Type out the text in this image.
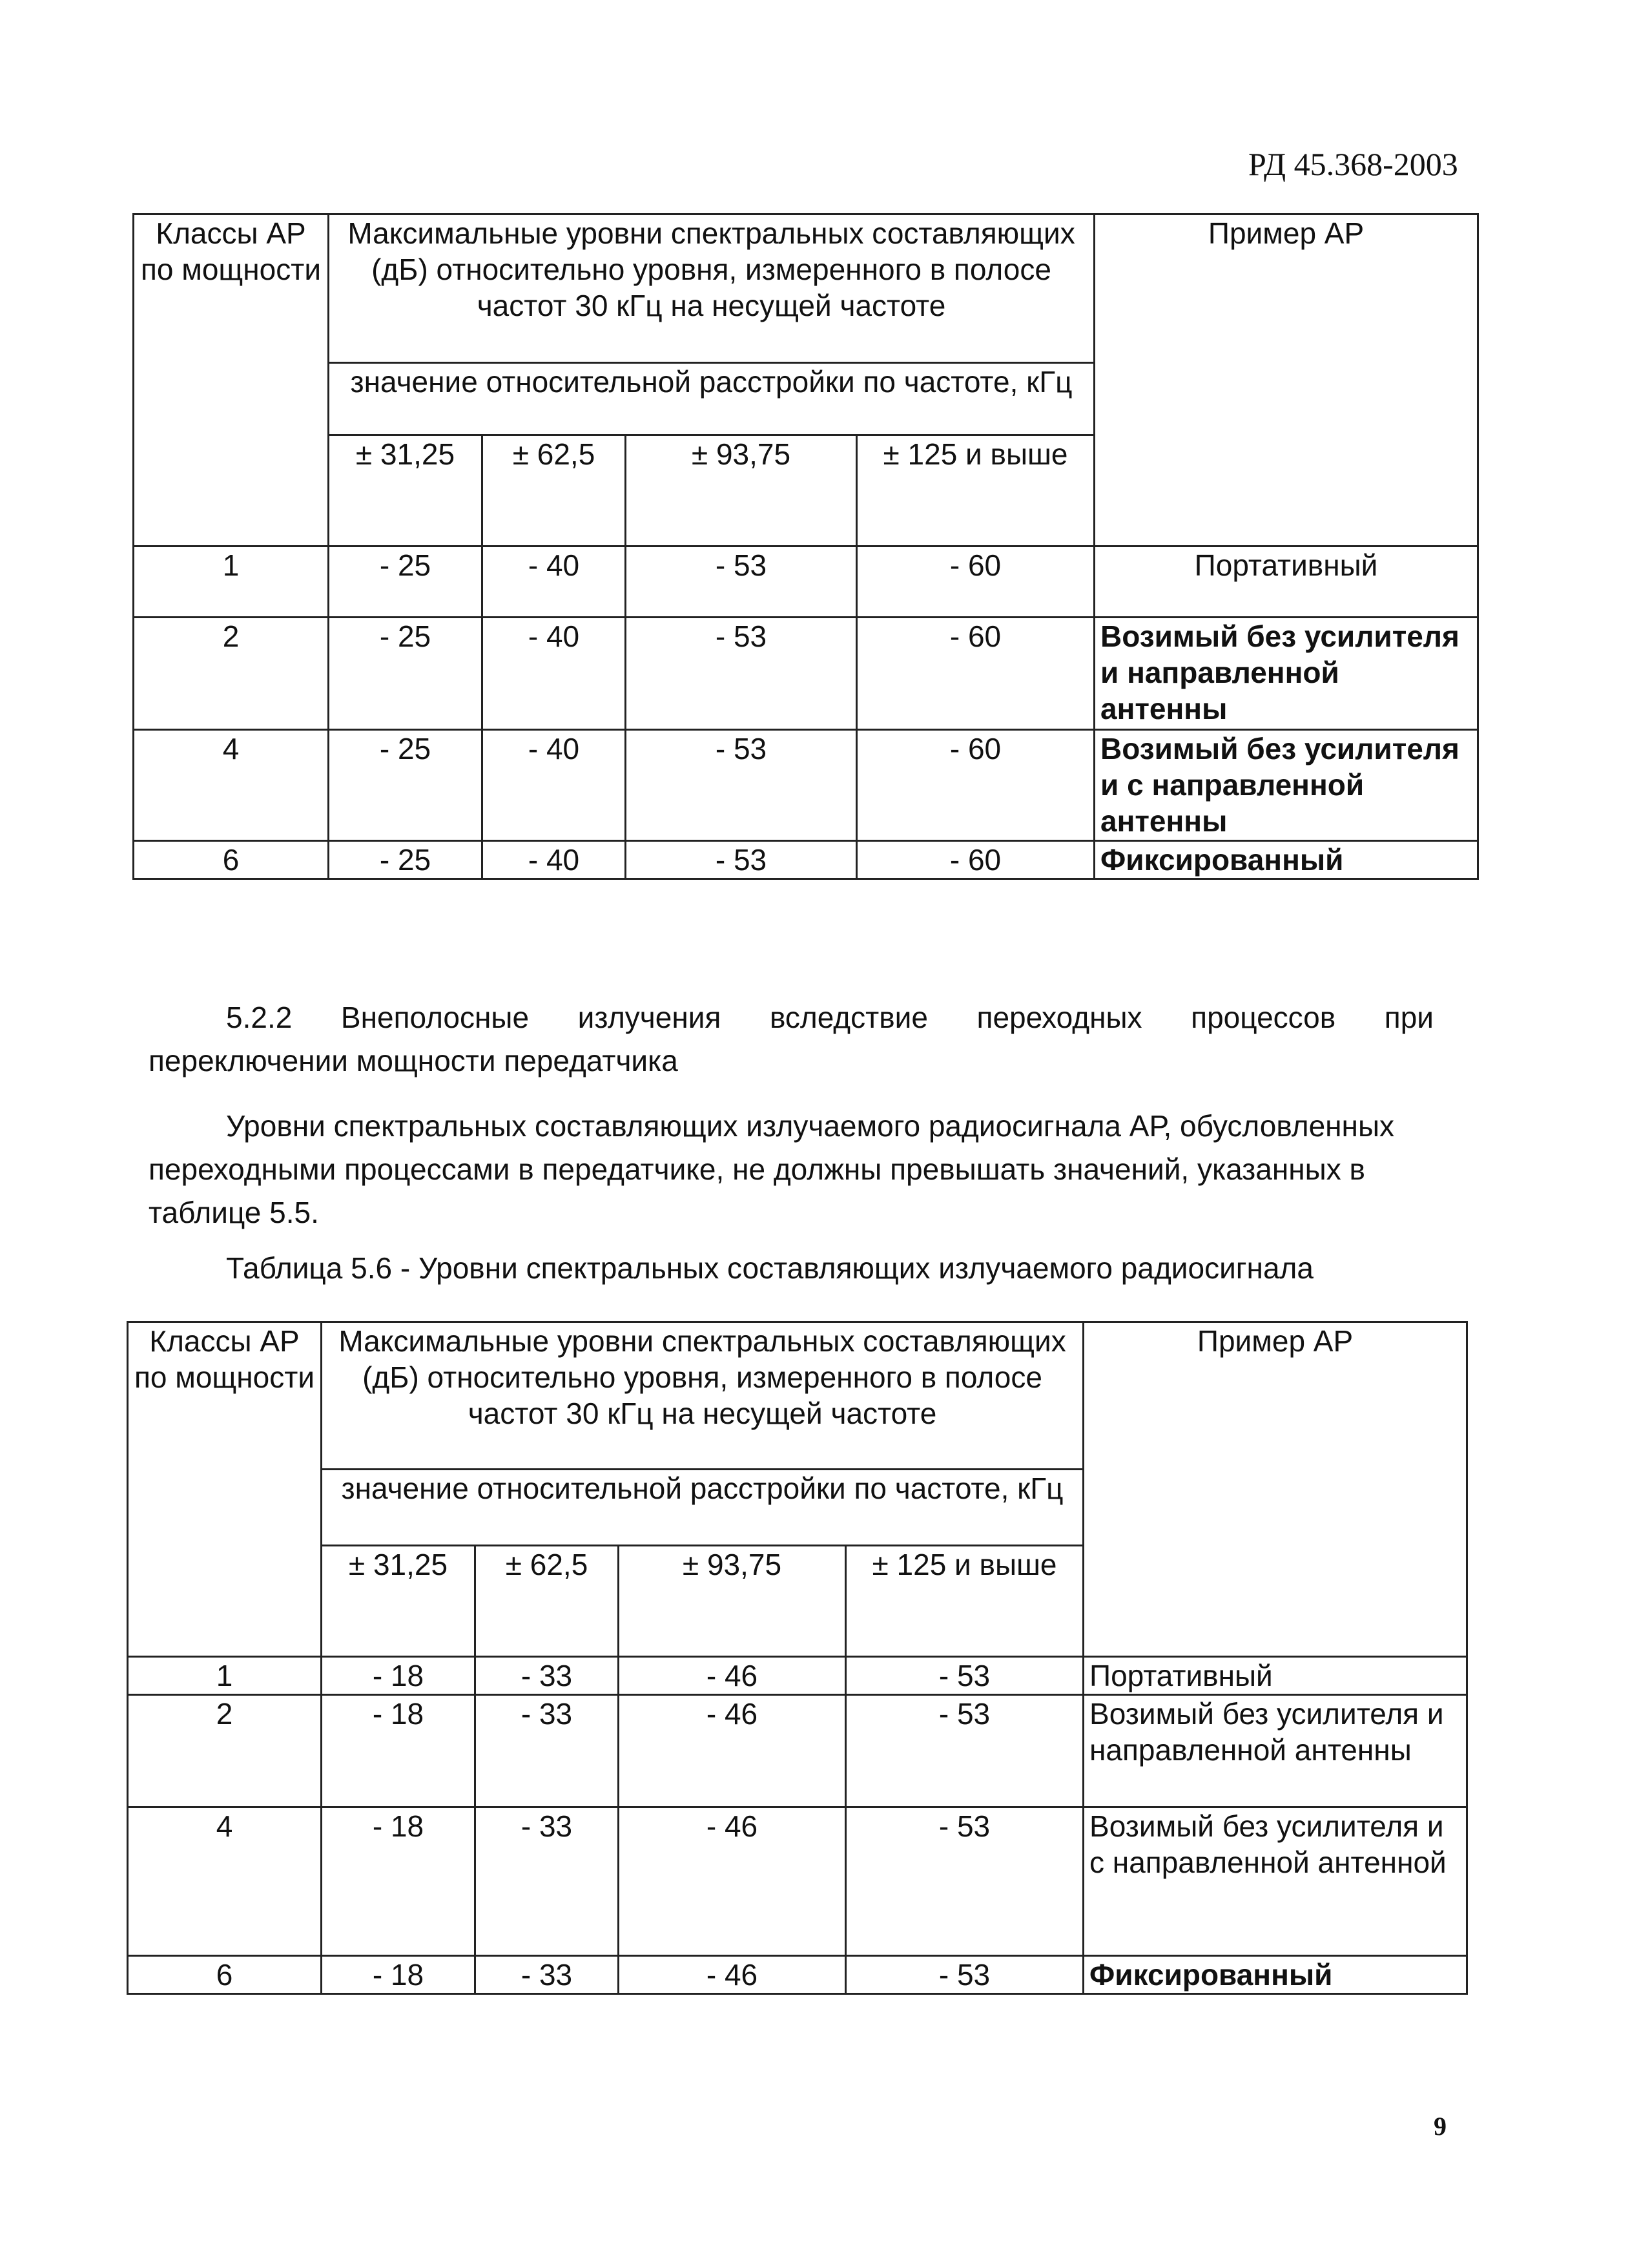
РД 45.368-2003
Классы АР по мощности	Максимальные уровни спектральных составляющих (дБ) относительно уровня, измеренного в полосе частот 30 кГц на несущей частоте				Пример АР
	значение относительной расстройки по частоте, кГц				
	± 31,25	± 62,5	± 93,75	± 125 и выше	
1	- 25	- 40	- 53	- 60	Портативный
2	- 25	- 40	- 53	- 60	Возимый без усилителя и направленной антенны
4	- 25	- 40	- 53	- 60	Возимый без усилителя и с направленной антенны
6	- 25	- 40	- 53	- 60	Фиксированный
5.2.2 Внеполосные излучения вследствие переходных процессов при
переключении мощности передатчика
Уровни спектральных составляющих излучаемого радиосигнала АР, обусловленных переходными процессами в передатчике, не должны превышать значений, указанных в таблице 5.5.
Таблица 5.6 - Уровни спектральных составляющих излучаемого радиосигнала
Классы АР по мощности	Максимальные уровни спектральных составляющих (дБ) относительно уровня, измеренного в полосе частот 30 кГц на несущей частоте				Пример АР
	значение относительной расстройки по частоте, кГц				
	± 31,25	± 62,5	± 93,75	± 125 и выше	
1	- 18	- 33	- 46	- 53	Портативный
2	- 18	- 33	- 46	- 53	Возимый без усилителя и направленной антенны
4	- 18	- 33	- 46	- 53	Возимый без усилителя и с направленной антенной
6	- 18	- 33	- 46	- 53	Фиксированный
9
